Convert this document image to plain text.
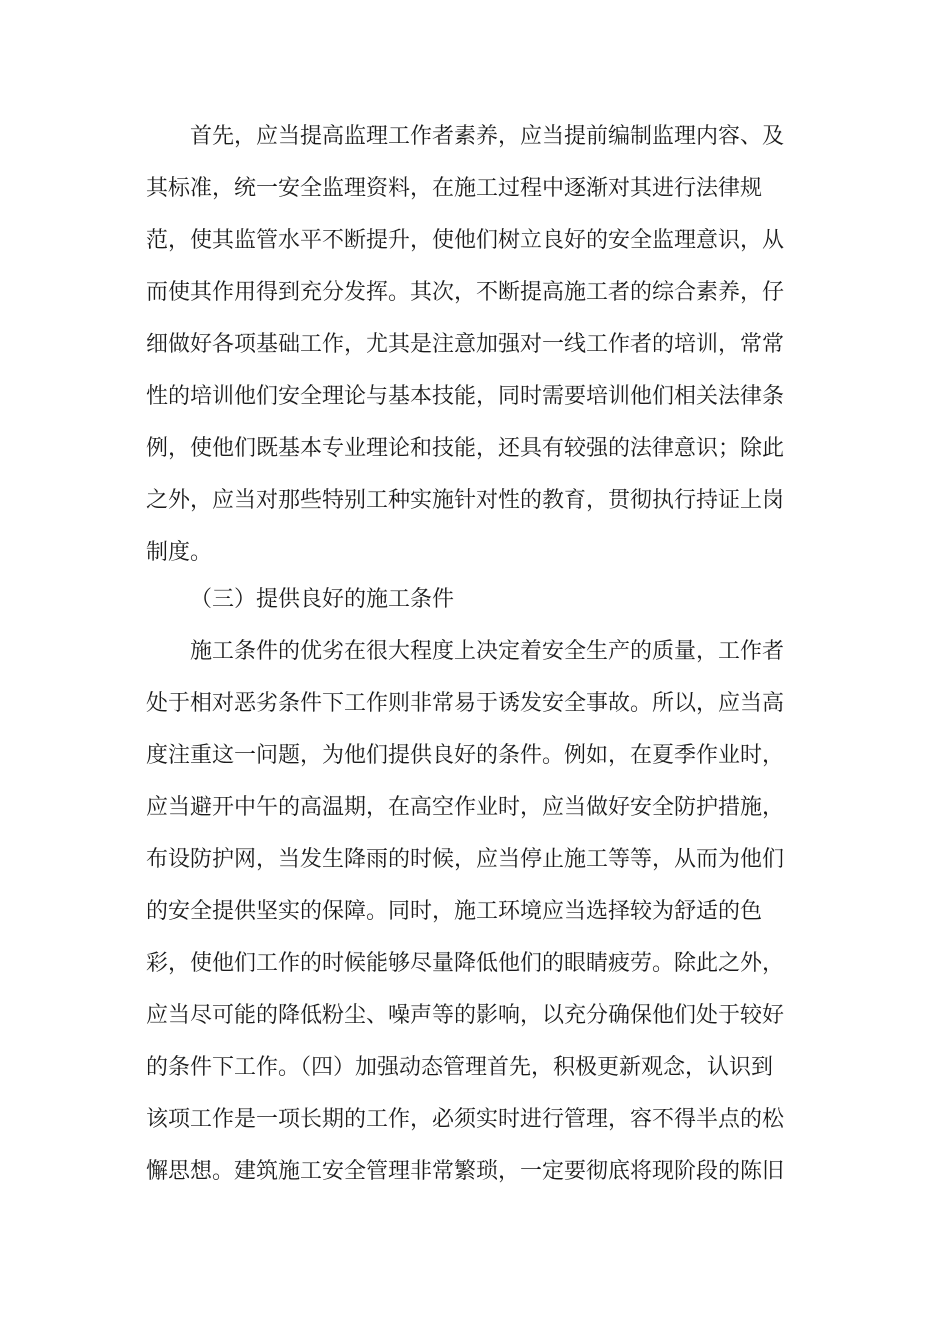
首先，应当提高监理工作者素养，应当提前编制监理内容、及
其标准，统一安全监理资料，在施工过程中逐渐对其进行法律规
范，使其监管水平不断提升，使他们树立良好的安全监理意识，从
而使其作用得到充分发挥。其次，不断提高施工者的综合素养，仔
细做好各项基础工作，尤其是注意加强对一线工作者的培训，常常
性的培训他们安全理论与基本技能，同时需要培训他们相关法律条
例，使他们既基本专业理论和技能，还具有较强的法律意识；除此
之外，应当对那些特别工种实施针对性的教育，贯彻执行持证上岗
制度。
（三）提供良好的施工条件
施工条件的优劣在很大程度上决定着安全生产的质量，工作者
处于相对恶劣条件下工作则非常易于诱发安全事故。所以，应当高
度注重这一问题，为他们提供良好的条件。例如，在夏季作业时，
应当避开中午的高温期，在高空作业时，应当做好安全防护措施，
布设防护网，当发生降雨的时候，应当停止施工等等，从而为他们
的安全提供坚实的保障。同时，施工环境应当选择较为舒适的色
彩，使他们工作的时候能够尽量降低他们的眼睛疲劳。除此之外，
应当尽可能的降低粉尘、噪声等的影响，以充分确保他们处于较好
的条件下工作。（四）加强动态管理首先，积极更新观念，认识到
该项工作是一项长期的工作，必须实时进行管理，容不得半点的松
懈思想。建筑施工安全管理非常繁琐，一定要彻底将现阶段的陈旧
